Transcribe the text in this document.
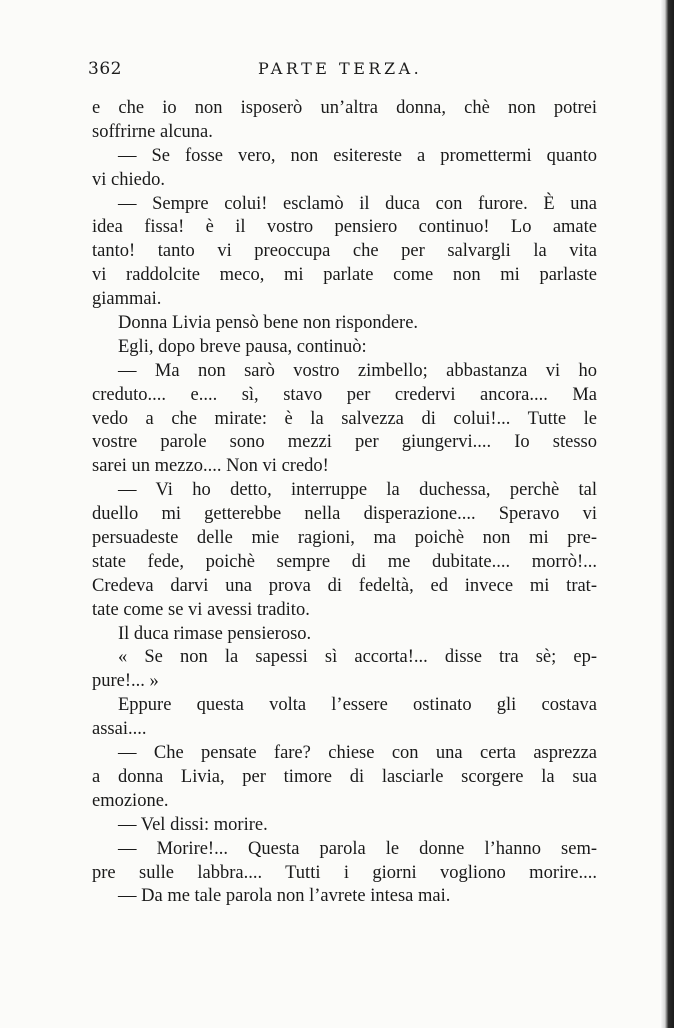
362	PARTE TERZA.
e che io non isposerò un’altra donna, chè non potrei
soffrirne alcuna.
— Se fosse vero, non esitereste a promettermi quanto
vi chiedo.
— Sempre colui! esclamò il duca con furore. È una
idea fissa! è il vostro pensiero continuo! Lo amate
tanto! tanto vi preoccupa che per salvargli la vita
vi raddolcite meco, mi parlate come non mi parlaste
giammai.
Donna Livia pensò bene non rispondere.
Egli, dopo breve pausa, continuò:
— Ma non sarò vostro zimbello; abbastanza vi ho
creduto.... e.... sì, stavo per credervi ancora.... Ma
vedo a che mirate: è la salvezza di colui!... Tutte le
vostre parole sono mezzi per giungervi.... Io stesso
sarei un mezzo.... Non vi credo!
— Vi ho detto, interruppe la duchessa, perchè tal
duello mi getterebbe nella disperazione.... Speravo vi
persuadeste delle mie ragioni, ma poichè non mi pre-
state fede, poichè sempre di me dubitate.... morrò!...
Credeva darvi una prova di fedeltà, ed invece mi trat-
tate come se vi avessi tradito.
Il duca rimase pensieroso.
« Se non la sapessi sì accorta!... disse tra sè; ep-
pure!... »
Eppure questa volta l’essere ostinato gli costava
assai....
— Che pensate fare? chiese con una certa asprezza
a donna Livia, per timore di lasciarle scorgere la sua
emozione.
— Vel dissi: morire.
— Morire!... Questa parola le donne l’hanno sem-
pre sulle labbra.... Tutti i giorni vogliono morire....
— Da me tale parola non l’avrete intesa mai.
